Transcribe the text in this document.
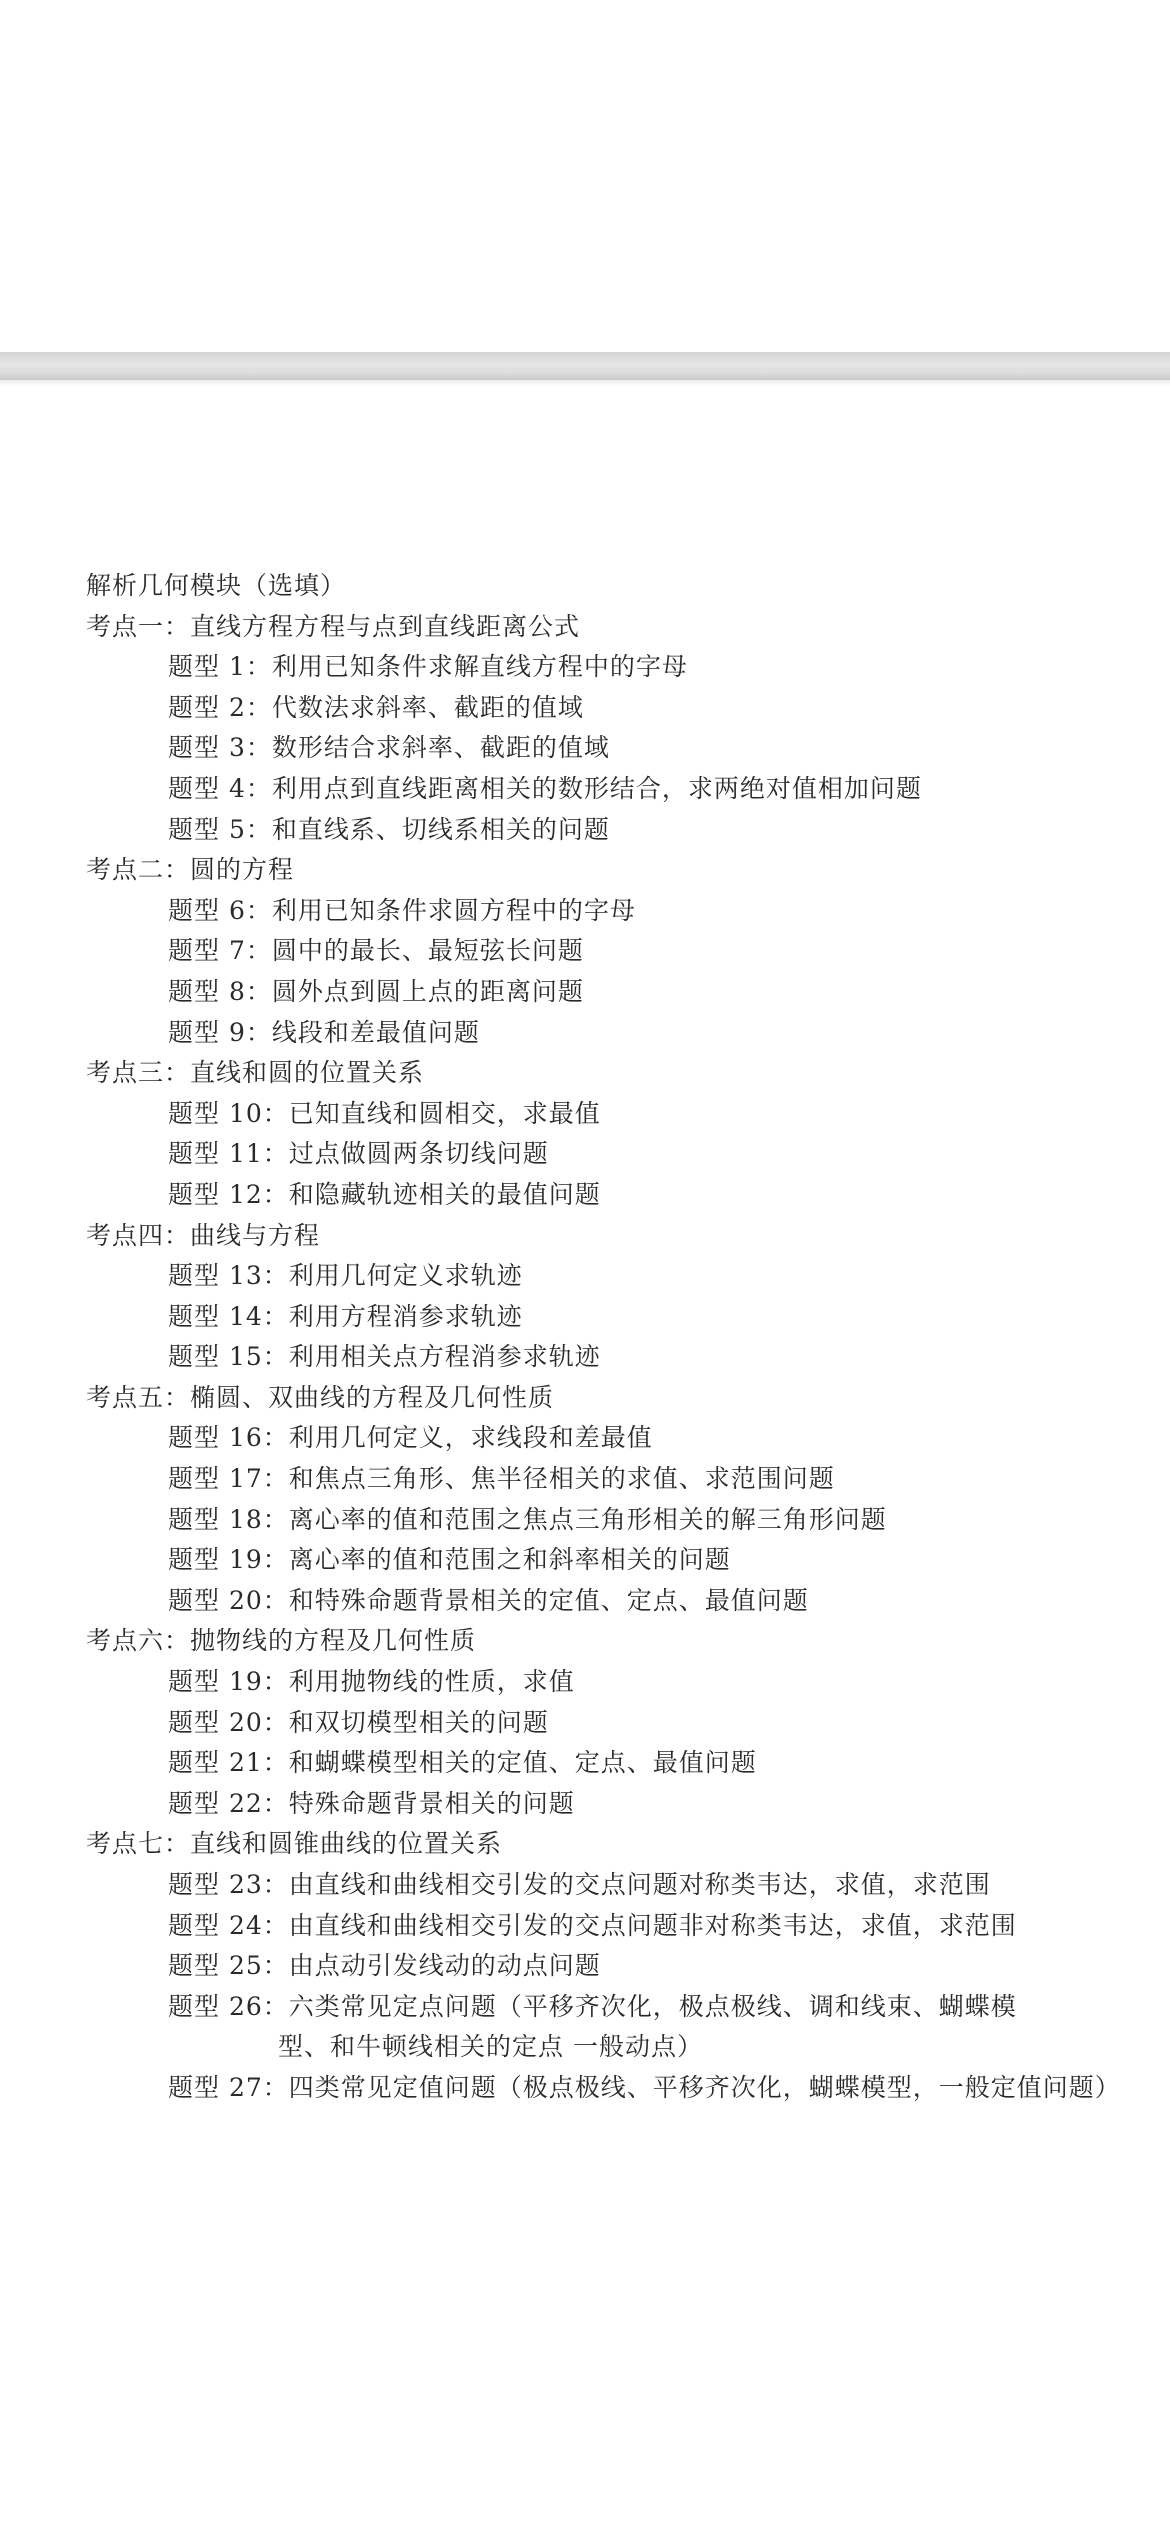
解析几何模块（选填）
考点一：直线方程方程与点到直线距离公式
题型 1：利用已知条件求解直线方程中的字母
题型 2：代数法求斜率、截距的值域
题型 3：数形结合求斜率、截距的值域
题型 4：利用点到直线距离相关的数形结合，求两绝对值相加问题
题型 5：和直线系、切线系相关的问题
考点二：圆的方程
题型 6：利用已知条件求圆方程中的字母
题型 7：圆中的最长、最短弦长问题
题型 8：圆外点到圆上点的距离问题
题型 9：线段和差最值问题
考点三：直线和圆的位置关系
题型 10：已知直线和圆相交，求最值
题型 11：过点做圆两条切线问题
题型 12：和隐藏轨迹相关的最值问题
考点四：曲线与方程
题型 13：利用几何定义求轨迹
题型 14：利用方程消参求轨迹
题型 15：利用相关点方程消参求轨迹
考点五：椭圆、双曲线的方程及几何性质
题型 16：利用几何定义，求线段和差最值
题型 17：和焦点三角形、焦半径相关的求值、求范围问题
题型 18：离心率的值和范围之焦点三角形相关的解三角形问题
题型 19：离心率的值和范围之和斜率相关的问题
题型 20：和特殊命题背景相关的定值、定点、最值问题
考点六：抛物线的方程及几何性质
题型 19：利用抛物线的性质，求值
题型 20：和双切模型相关的问题
题型 21：和蝴蝶模型相关的定值、定点、最值问题
题型 22：特殊命题背景相关的问题
考点七：直线和圆锥曲线的位置关系
题型 23：由直线和曲线相交引发的交点问题对称类韦达，求值，求范围
题型 24：由直线和曲线相交引发的交点问题非对称类韦达，求值，求范围
题型 25：由点动引发线动的动点问题
题型 26：六类常见定点问题（平移齐次化，极点极线、调和线束、蝴蝶模
型、和牛顿线相关的定点 一般动点）
题型 27：四类常见定值问题（极点极线、平移齐次化，蝴蝶模型，一般定值问题）
